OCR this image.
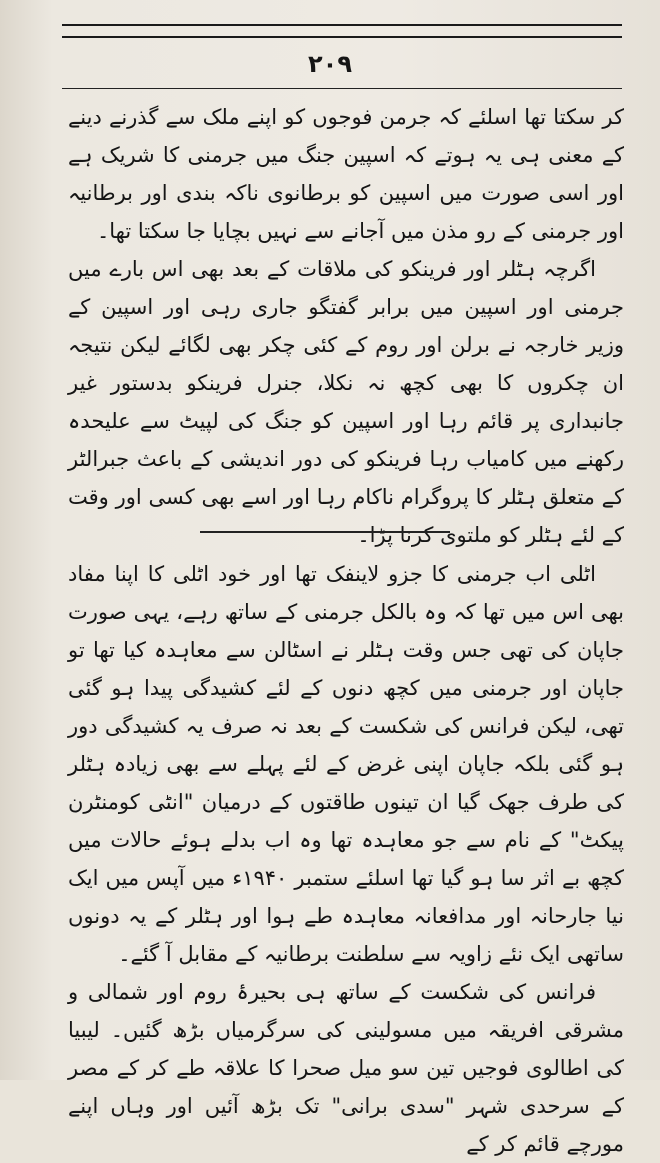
۲۰۹

کر سکتا تھا اسلئے کہ جرمن فوجوں کو اپنے ملک سے گذرنے دینے کے معنی ہی یہ ہوتے کہ اسپین جنگ میں جرمنی کا شریک ہے اور اسی صورت میں اسپین کو برطانوی ناکہ بندی اور برطانیہ اور جرمنی کے رو مذن میں آجانے سے نہیں بچایا جا سکتا تھا۔

اگرچہ ہٹلر اور فرینکو کی ملاقات کے بعد بھی اس بارے میں جرمنی اور اسپین میں برابر گفتگو جاری رہی اور اسپین کے وزیر خارجہ نے برلن اور روم کے کئی چکر بھی لگائے لیکن نتیجہ ان چکروں کا بھی کچھ نہ نکلا، جنرل فرینکو بدستور غیر جانبداری پر قائم رہا اور اسپین کو جنگ کی لپیٹ سے علیحدہ رکھنے میں کامیاب رہا فرینکو کی دور اندیشی کے باعث جبرالٹر کے متعلق ہٹلر کا پروگرام ناکام رہا اور اسے بھی کسی اور وقت کے لئے ہٹلر کو ملتوی کرنا پڑا۔

اٹلی اب جرمنی کا جزو لاینفک تھا اور خود اٹلی کا اپنا مفاد بھی اس میں تھا کہ وہ بالکل جرمنی کے ساتھ رہے، یہی صورت جاپان کی تھی جس وقت ہٹلر نے اسٹالن سے معاہدہ کیا تھا تو جاپان اور جرمنی میں کچھ دنوں کے لئے کشیدگی پیدا ہو گئی تھی، لیکن فرانس کی شکست کے بعد نہ صرف یہ کشیدگی دور ہو گئی بلکہ جاپان اپنی غرض کے لئے پہلے سے بھی زیادہ ہٹلر کی طرف جھک گیا ان تینوں طاقتوں کے درمیان "انٹی کومنٹرن پیکٹ" کے نام سے جو معاہدہ تھا وہ اب بدلے ہوئے حالات میں کچھ بے اثر سا ہو گیا تھا اسلئے ستمبر ۱۹۴۰ء میں آپس میں ایک نیا جارحانہ اور مدافعانہ معاہدہ طے ہوا اور ہٹلر کے یہ دونوں ساتھی ایک نئے زاویہ سے سلطنت برطانیہ کے مقابل آ گئے۔

فرانس کی شکست کے ساتھ ہی بحیرۂ روم اور شمالی و مشرقی افریقہ میں مسولینی کی سرگرمیاں بڑھ گئیں۔ لیبیا کی اطالوی فوجیں تین سو میل صحرا کا علاقہ طے کر کے مصر کے سرحدی شہر "سدی برانی" تک بڑھ آئیں اور وہاں اپنے مورچے قائم کر کے
